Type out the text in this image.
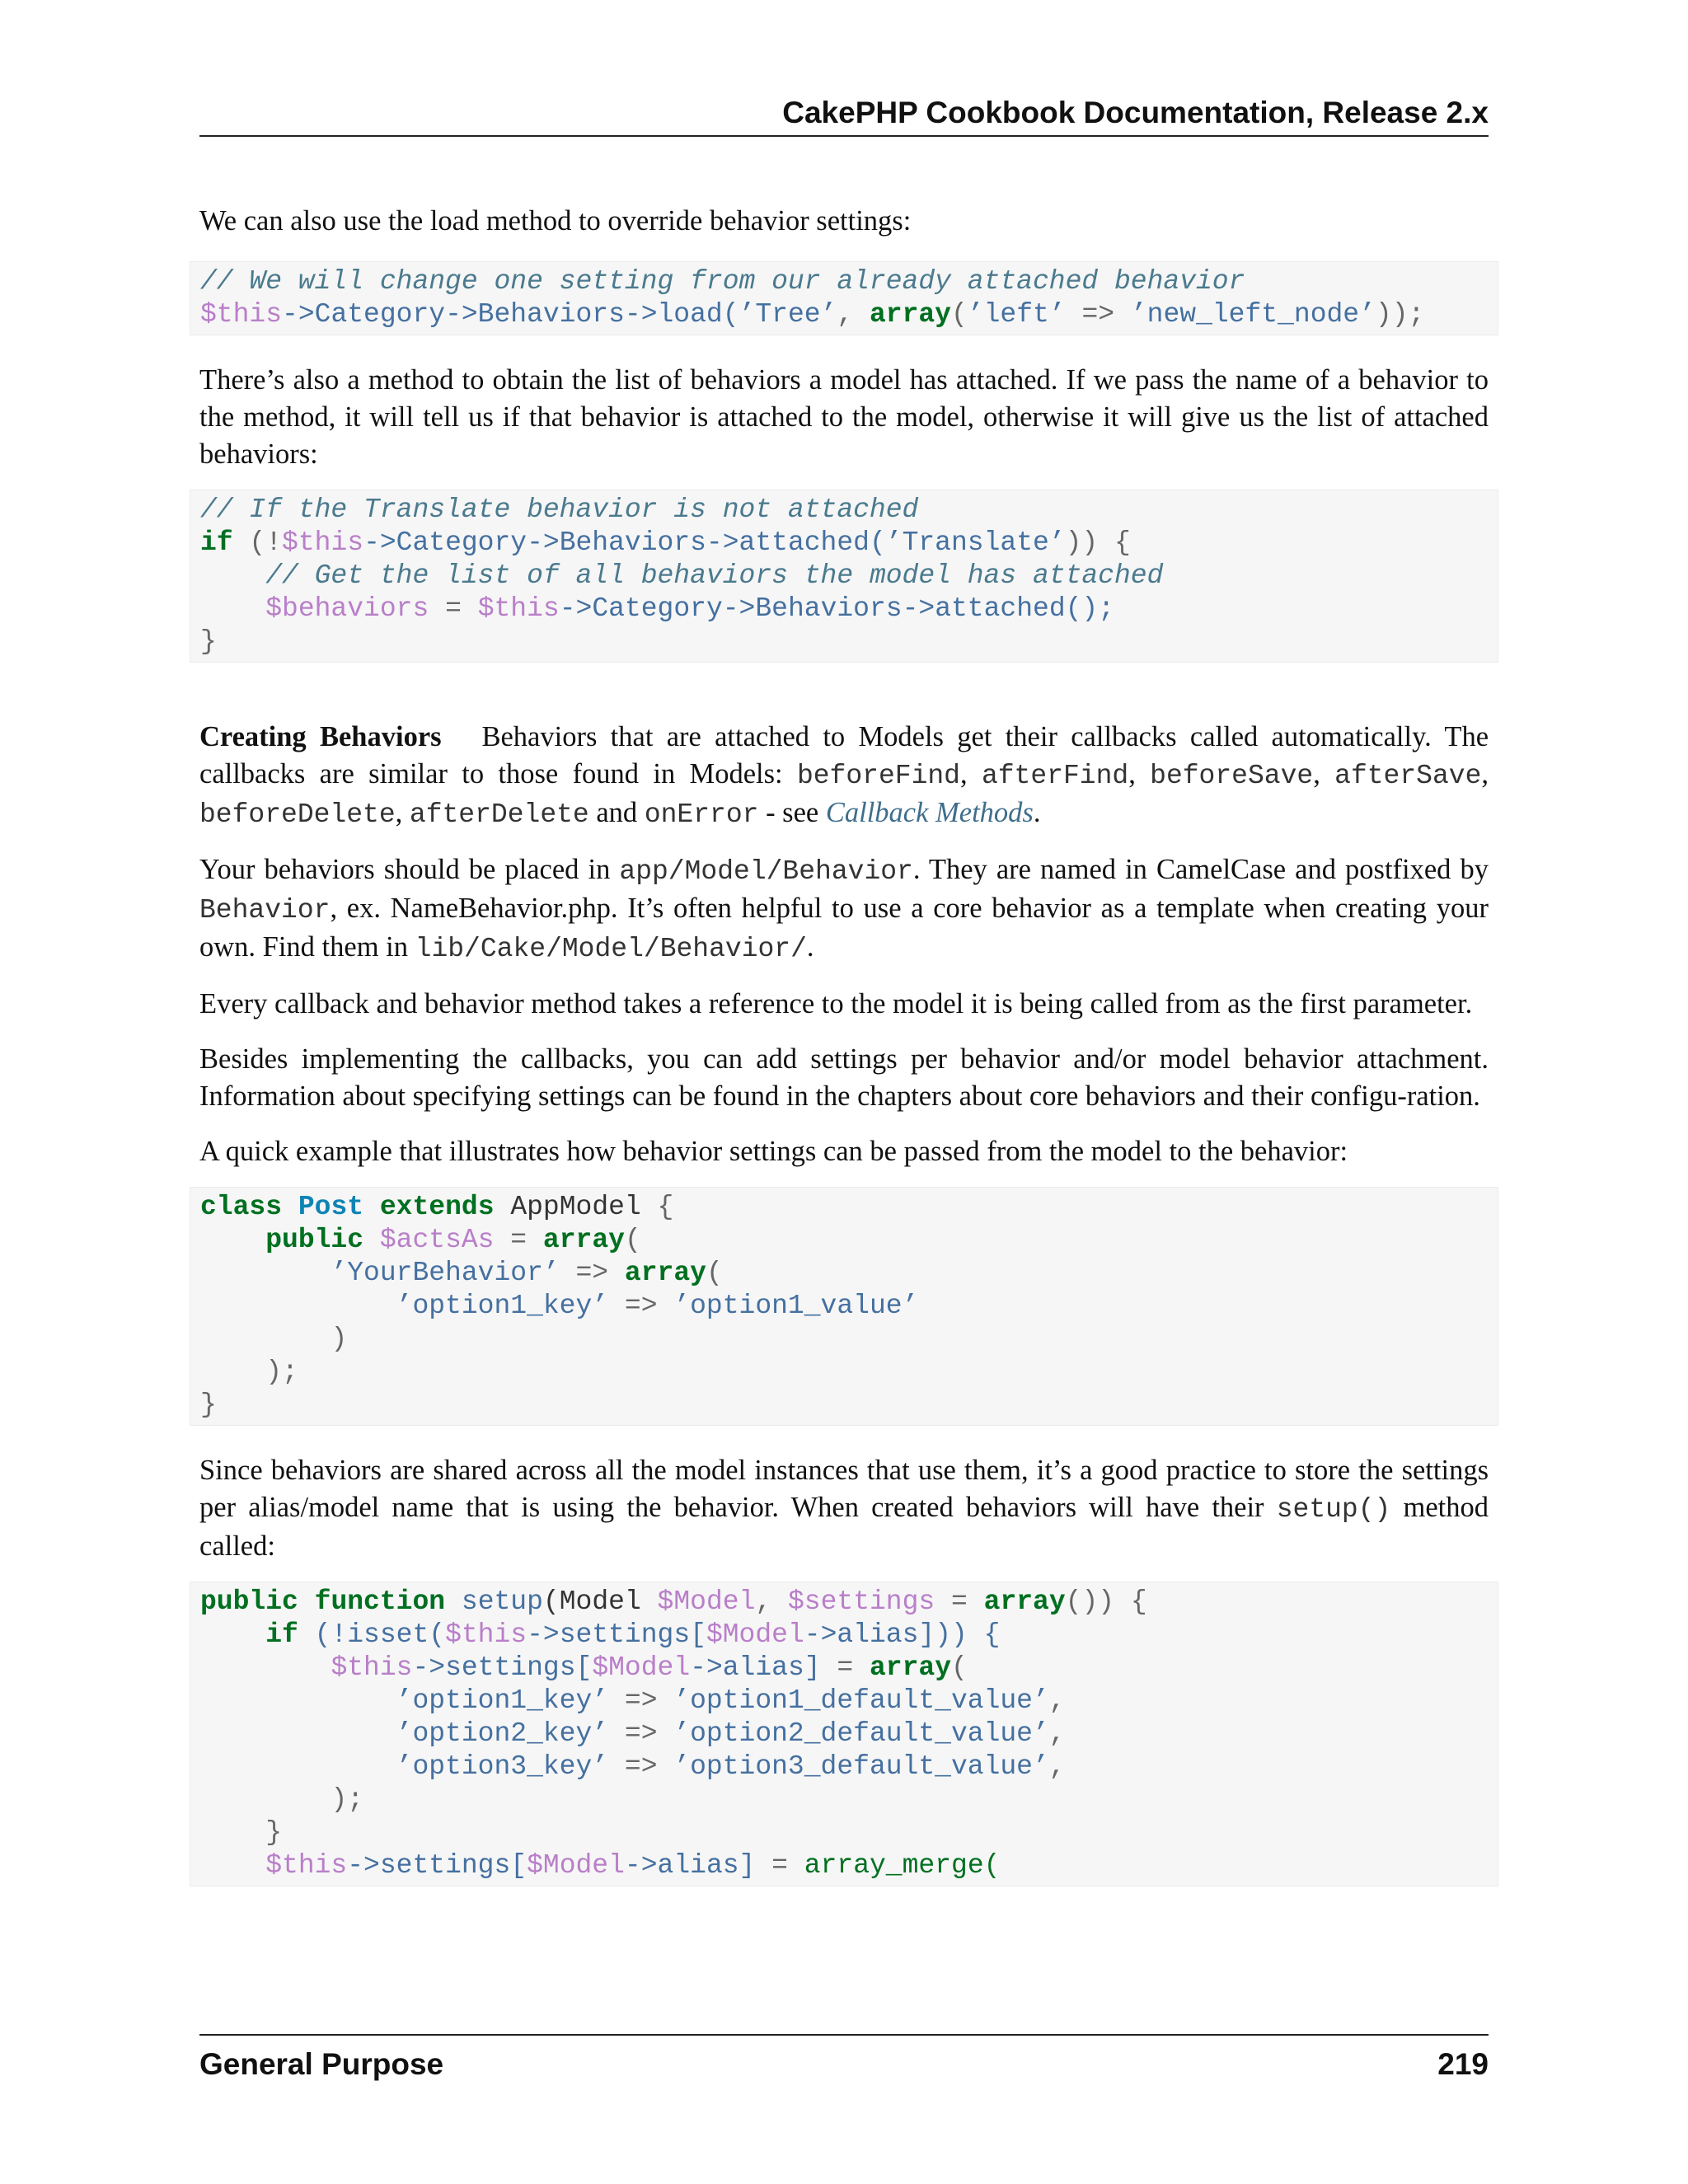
CakePHP Cookbook Documentation, Release 2.x

We can also use the load method to override behavior settings:

// We will change one setting from our already attached behavior
$this->Category->Behaviors->load(’Tree’, array(’left’ => ’new_left_node’));

There’s also a method to obtain the list of behaviors a model has attached. If we pass the name of a behavior to the method, it will tell us if that behavior is attached to the model, otherwise it will give us the list of attached behaviors:

// If the Translate behavior is not attached
if (!$this->Category->Behaviors->attached(’Translate’)) {
// Get the list of all behaviors the model has attached
$behaviors = $this->Category->Behaviors->attached();
}

Creating Behaviors Behaviors that are attached to Models get their callbacks called automatically. The callbacks are similar to those found in Models: beforeFind, afterFind, beforeSave, afterSave, beforeDelete, afterDelete and onError - see Callback Methods.

Your behaviors should be placed in app/Model/Behavior. They are named in CamelCase and postfixed by Behavior, ex. NameBehavior.php. It’s often helpful to use a core behavior as a template when creating your own. Find them in lib/Cake/Model/Behavior/.

Every callback and behavior method takes a reference to the model it is being called from as the first parameter.

Besides implementing the callbacks, you can add settings per behavior and/or model behavior attachment. Information about specifying settings can be found in the chapters about core behaviors and their configu-ration.

A quick example that illustrates how behavior settings can be passed from the model to the behavior:

class Post extends AppModel {
public $actsAs = array(
’YourBehavior’ => array(
’option1_key’ => ’option1_value’
)
);
}

Since behaviors are shared across all the model instances that use them, it’s a good practice to store the settings per alias/model name that is using the behavior. When created behaviors will have their setup() method called:

public function setup(Model $Model, $settings = array()) {
if (!isset($this->settings[$Model->alias])) {
$this->settings[$Model->alias] = array(
’option1_key’ => ’option1_default_value’,
’option2_key’ => ’option2_default_value’,
’option3_key’ => ’option3_default_value’,
);
}
$this->settings[$Model->alias] = array_merge(
General Purpose	219
